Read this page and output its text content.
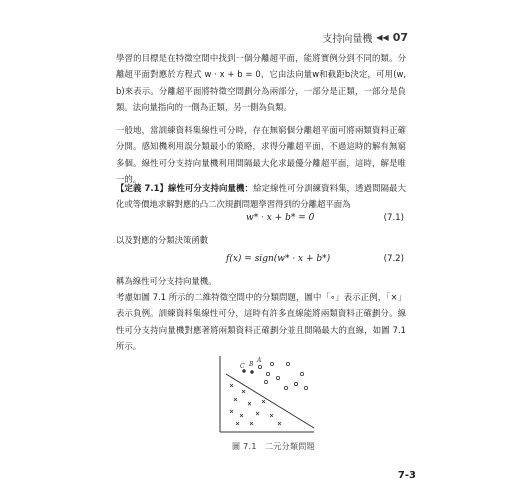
支持向量機 ◀◀ 07

學習的目標是在特徵空間中找到一個分離超平面，能將實例分到不同的類。分離超平面對應於方程式 w · x + b = 0，它由法向量w和截距b決定，可用(w, b)來表示。分離超平面將特徵空間劃分為兩部分，一部分是正類，一部分是負類。法向量指向的一側為正類，另一側為負類。

一般地，當訓練資料集線性可分時，存在無窮個分離超平面可將兩類資料正確分開。感知機利用誤分類最小的策略，求得分離超平面，不過這時的解有無窮多個。線性可分支持向量機利用間隔最大化求最優分離超平面，這時，解是唯一的。

【定義 7.1】線性可分支持向量機：給定線性可分訓練資料集，透過間隔最大化或等價地求解對應的凸二次規劃問題學習得到的分離超平面為

w* · x + b* = 0	(7.1)

以及對應的分類決策函數

f(x) = sign(w* · x + b*)	(7.2)

稱為線性可分支持向量機。

考慮如圖 7.1 所示的二維特徵空間中的分類問題，圖中「∘」表示正例，「×」表示負例。訓練資料集線性可分，這時有許多直線能將兩類資料正確劃分。線性可分支持向量機對應著將兩類資料正確劃分並且間隔最大的直線，如圖 7.1所示。

C B
A
圖 7.1　二元分類問題
7-3
